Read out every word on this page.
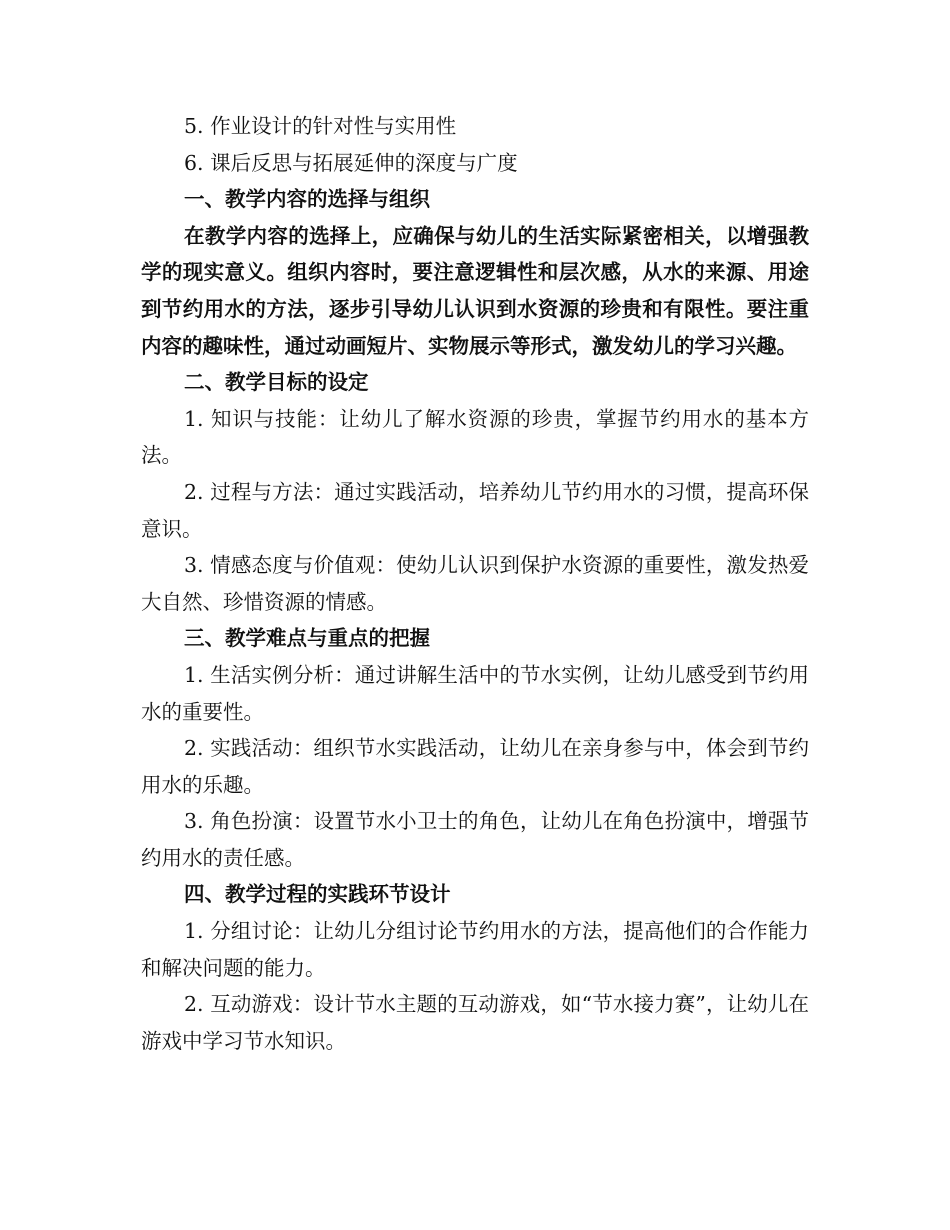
5. 作业设计的针对性与实用性

6. 课后反思与拓展延伸的深度与广度

一、教学内容的选择与组织

在教学内容的选择上，应确保与幼儿的生活实际紧密相关，以增强教学的现实意义。组织内容时，要注意逻辑性和层次感，从水的来源、用途到节约用水的方法，逐步引导幼儿认识到水资源的珍贵和有限性。要注重内容的趣味性，通过动画短片、实物展示等形式，激发幼儿的学习兴趣。

二、教学目标的设定

1. 知识与技能：让幼儿了解水资源的珍贵，掌握节约用水的基本方法。

2. 过程与方法：通过实践活动，培养幼儿节约用水的习惯，提高环保意识。

3. 情感态度与价值观：使幼儿认识到保护水资源的重要性，激发热爱大自然、珍惜资源的情感。

三、教学难点与重点的把握

1. 生活实例分析：通过讲解生活中的节水实例，让幼儿感受到节约用水的重要性。

2. 实践活动：组织节水实践活动，让幼儿在亲身参与中，体会到节约用水的乐趣。

3. 角色扮演：设置节水小卫士的角色，让幼儿在角色扮演中，增强节约用水的责任感。

四、教学过程的实践环节设计

1. 分组讨论：让幼儿分组讨论节约用水的方法，提高他们的合作能力和解决问题的能力。

2. 互动游戏：设计节水主题的互动游戏，如“节水接力赛”，让幼儿在游戏中学习节水知识。
